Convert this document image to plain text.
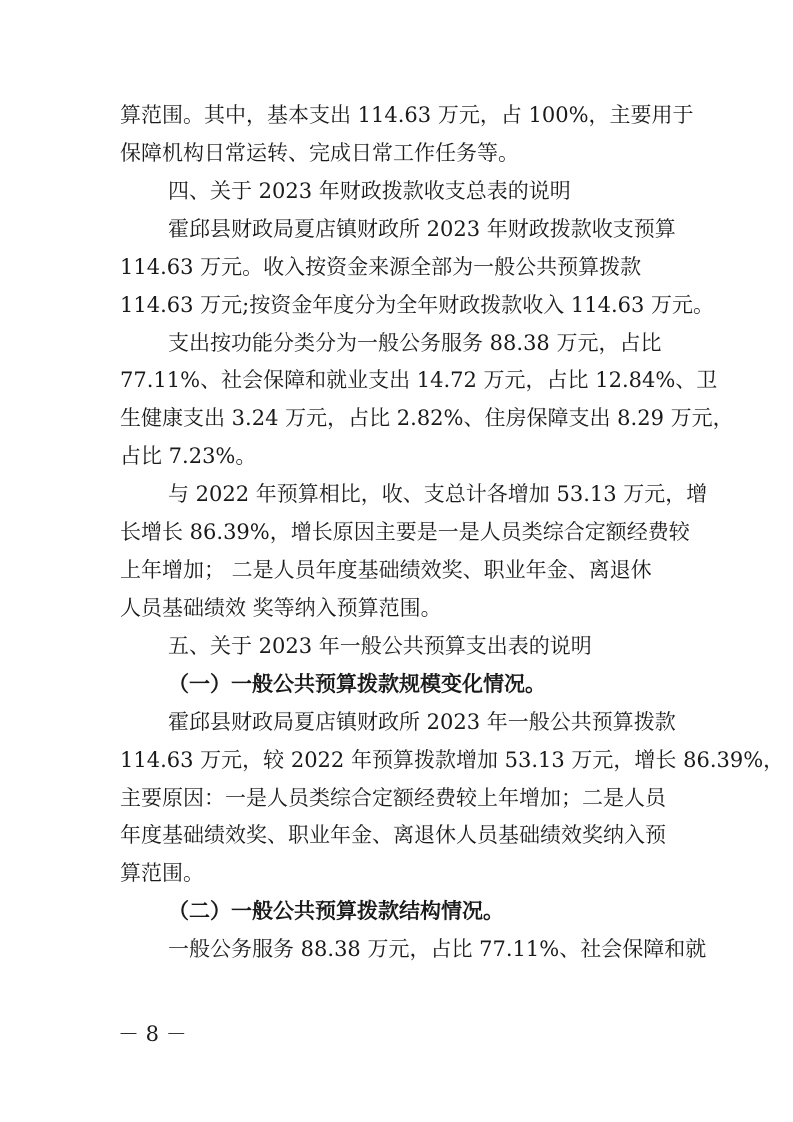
算范围。其中，基本支出 114.63 万元，占 100%，主要用于
保障机构日常运转、完成日常工作任务等。
四、关于 2023 年财政拨款收支总表的说明
霍邱县财政局夏店镇财政所 2023 年财政拨款收支预算
114.63 万元。收入按资金来源全部为一般公共预算拨款
114.63 万元;按资金年度分为全年财政拨款收入 114.63 万元。
支出按功能分类分为一般公务服务 88.38 万元，占比
77.11%、社会保障和就业支出 14.72 万元，占比 12.84%、卫
生健康支出 3.24 万元，占比 2.82%、住房保障支出 8.29 万元，
占比 7.23%。
与 2022 年预算相比，收、支总计各增加 53.13 万元，增
长增长 86.39%，增长原因主要是一是人员类综合定额经费较
上年增加； 二是人员年度基础绩效奖、职业年金、离退休
人员基础绩效 奖等纳入预算范围。
五、关于 2023 年一般公共预算支出表的说明
（一）一般公共预算拨款规模变化情况。
霍邱县财政局夏店镇财政所 2023 年一般公共预算拨款
114.63 万元，较 2022 年预算拨款增加 53.13 万元，增长 86.39%，
主要原因：一是人员类综合定额经费较上年增加；二是人员
年度基础绩效奖、职业年金、离退休人员基础绩效奖纳入预
算范围。
（二）一般公共预算拨款结构情况。
一般公务服务 88.38 万元，占比 77.11%、社会保障和就
－ 8 －
